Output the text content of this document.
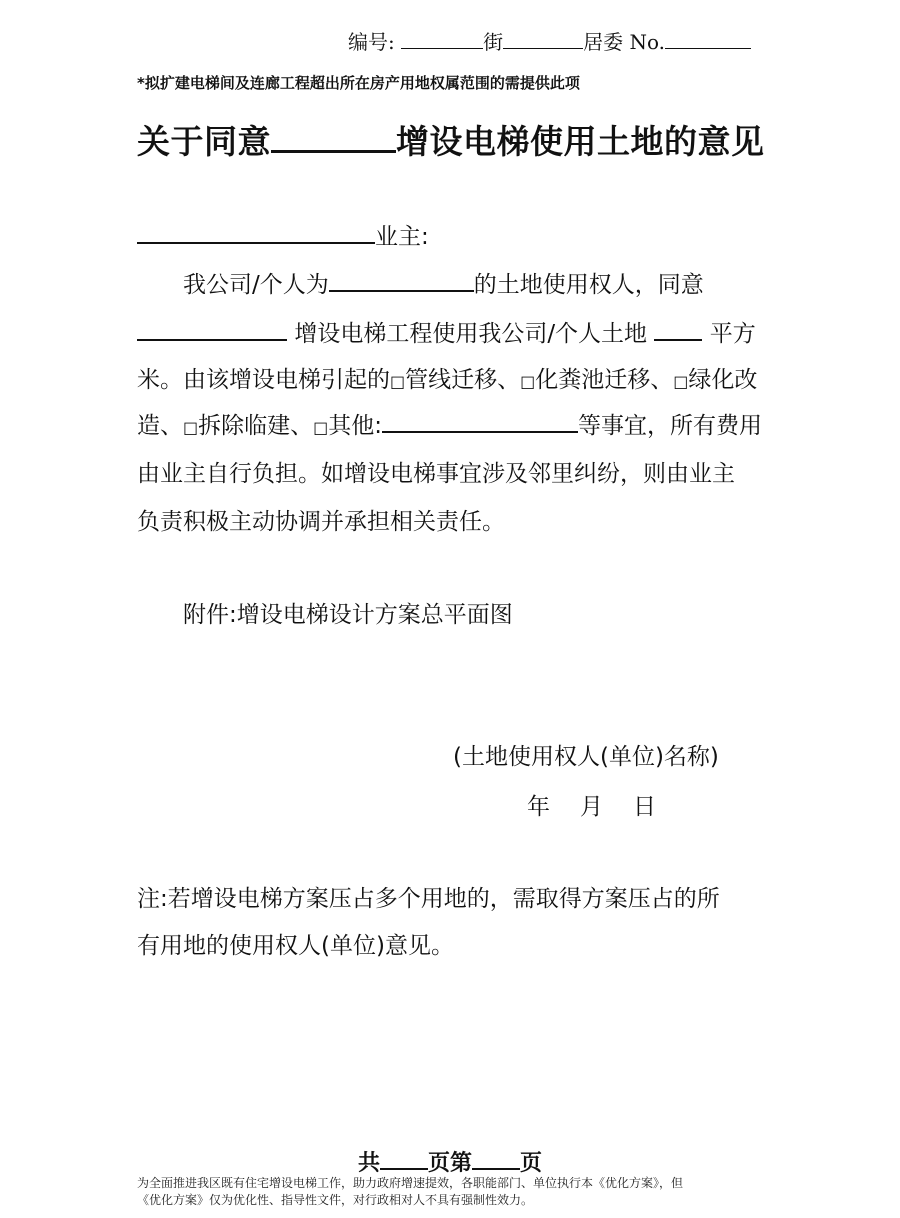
编号:	街	居委 No.
*拟扩建电梯间及连廊工程超出所在房产用地权属范围的需提供此项
关于同意	增设电梯使用土地的意见
业主:
我公司/个人为	的土地使用权人，同意
增设电梯工程使用我公司/个人土地	平方
米。由该增设电梯引起的□管线迁移、□化粪池迁移、□绿化改
造、□拆除临建、□其他:	等事宜，所有费用
由业主自行负担。如增设电梯事宜涉及邻里纠纷，则由业主
负责积极主动协调并承担相关责任。
附件:增设电梯设计方案总平面图
(土地使用权人(单位)名称)
年 月 日
注:若增设电梯方案压占多个用地的，需取得方案压占的所
有用地的使用权人(单位)意见。
共 页第 页
为全面推进我区既有住宅增设电梯工作，助力政府增速提效，各职能部门、单位执行本《优化方案》，但
《优化方案》仅为优化性、指导性文件，对行政相对人不具有强制性效力。
